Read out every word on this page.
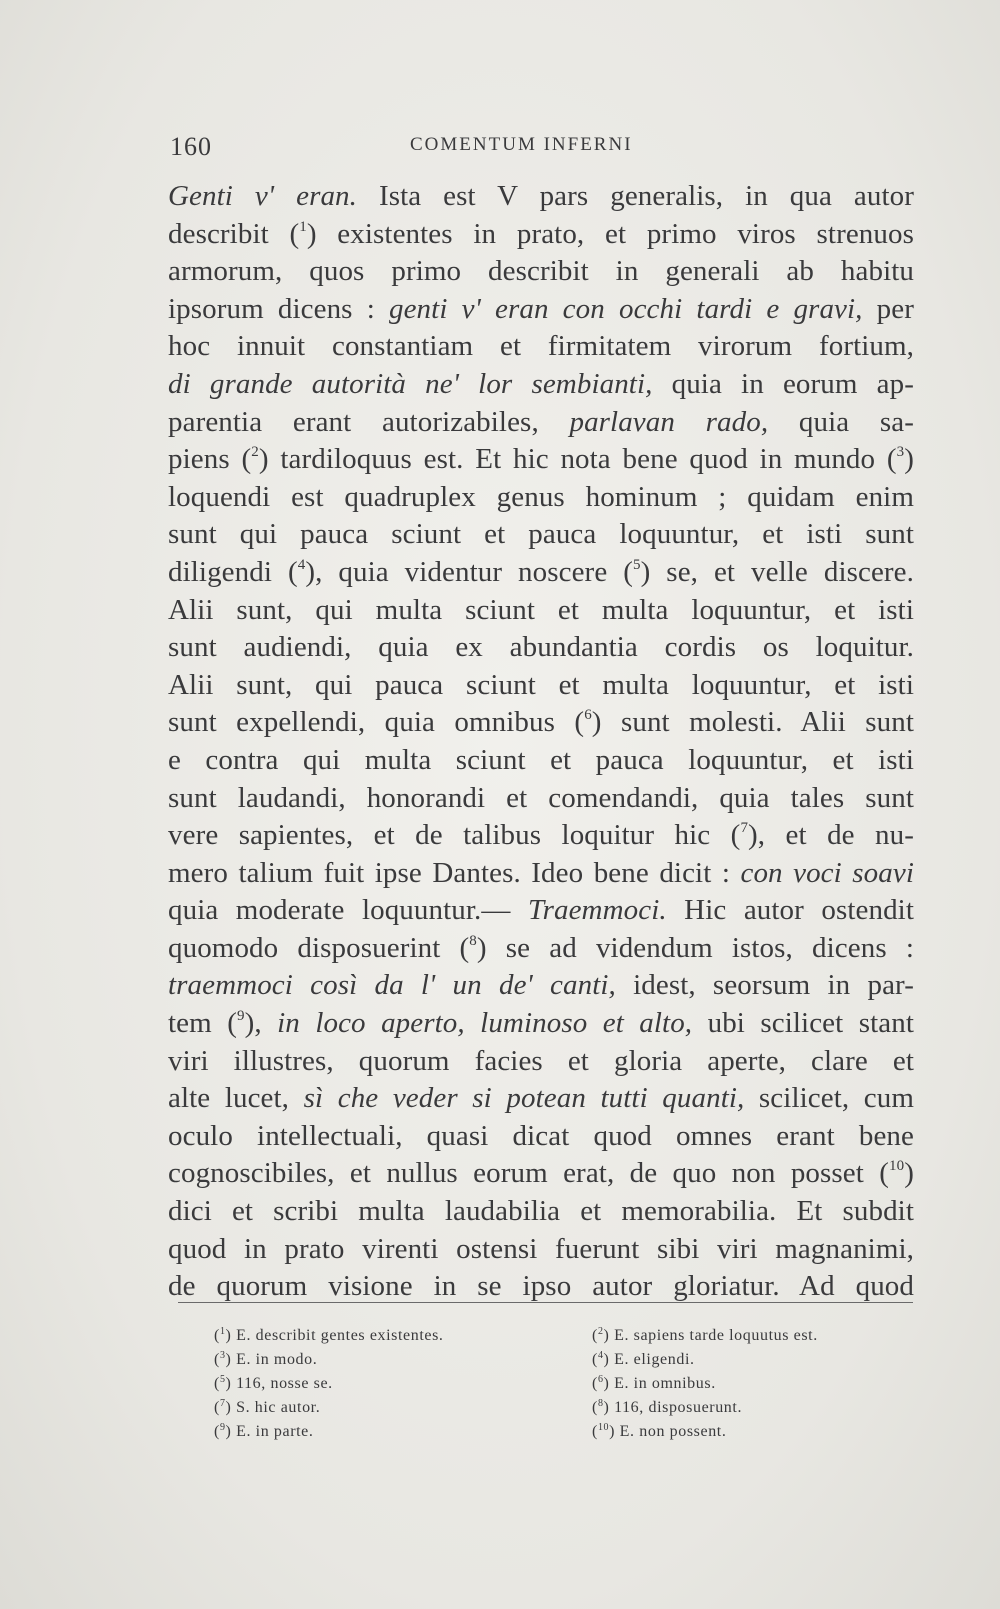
160	COMENTUM INFERNI
Genti v' eran. Ista est V pars generalis, in qua autor
describit ($^1$) existentes in prato, et primo viros strenuos
armorum, quos primo describit in generali ab habitu
ipsorum dicens : genti v' eran con occhi tardi e gravi, per
hoc innuit constantiam et firmitatem virorum fortium,
di grande autorità ne' lor sembianti, quia in eorum ap-
parentia erant autorizabiles, parlavan rado, quia sa-
piens ($^2$) tardiloquus est. Et hic nota bene quod in mundo ($^3$)
loquendi est quadruplex genus hominum ; quidam enim
sunt qui pauca sciunt et pauca loquuntur, et isti sunt
diligendi ($^4$), quia videntur noscere ($^5$) se, et velle discere.
Alii sunt, qui multa sciunt et multa loquuntur, et isti
sunt audiendi, quia ex abundantia cordis os loquitur.
Alii sunt, qui pauca sciunt et multa loquuntur, et isti
sunt expellendi, quia omnibus ($^6$) sunt molesti. Alii sunt
e contra qui multa sciunt et pauca loquuntur, et isti
sunt laudandi, honorandi et comendandi, quia tales sunt
vere sapientes, et de talibus loquitur hic ($^7$), et de nu-
mero talium fuit ipse Dantes. Ideo bene dicit : con voci soavi
quia moderate loquuntur.— Traemmoci. Hic autor ostendit
quomodo disposuerint ($^8$) se ad videndum istos, dicens :
traemmoci così da l' un de' canti, idest, seorsum in par-
tem ($^9$), in loco aperto, luminoso et alto, ubi scilicet stant
viri illustres, quorum facies et gloria aperte, clare et
alte lucet, sì che veder si potean tutti quanti, scilicet, cum
oculo intellectuali, quasi dicat quod omnes erant bene
cognoscibiles, et nullus eorum erat, de quo non posset ($^{10}$)
dici et scribi multa laudabilia et memorabilia. Et subdit
quod in prato virenti ostensi fuerunt sibi viri magnanimi,
de quorum visione in se ipso autor gloriatur. Ad quod
($^1$) E. describit gentes existentes.	($^2$) E. sapiens tarde loquutus est.
($^3$) E. in modo.	($^4$) E. eligendi.
($^5$) 116, nosse se.	($^6$) E. in omnibus.
($^7$) S. hic autor.	($^8$) 116, disposuerunt.
($^9$) E. in parte.	($^{10}$) E. non possent.
